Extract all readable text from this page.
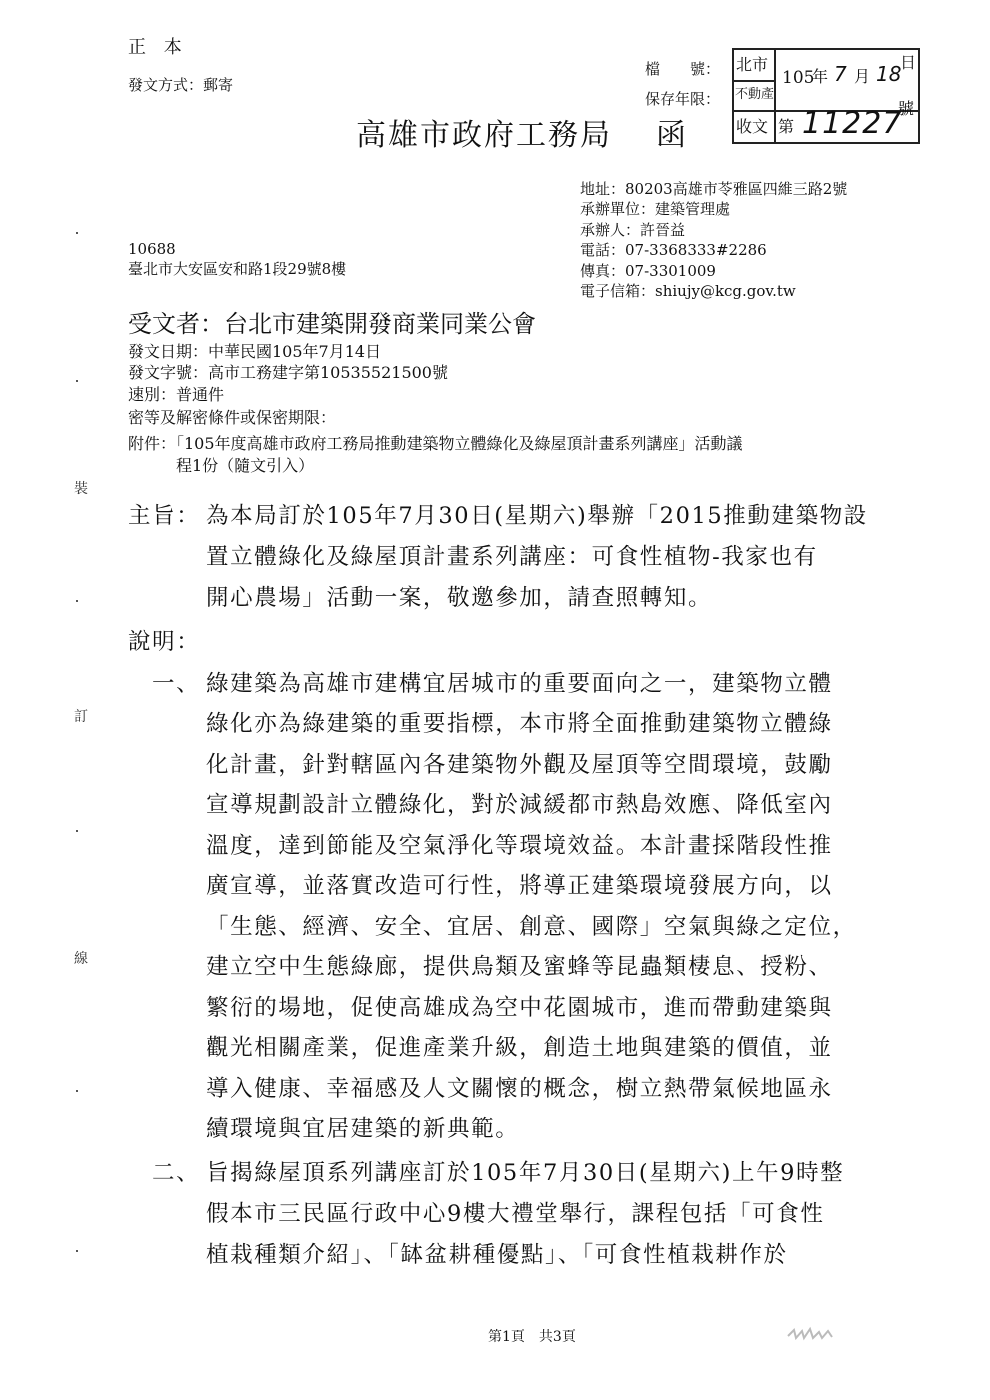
正 本
發文方式：郵寄
檔　　號：
保存年限：
高雄市政府工務局 函
北市
不動產
收文
105
年 7 月 18
日
第 11227
號
地址：80203高雄市苓雅區四維三路2號
承辦單位：建築管理處
承辦人：許晉益
電話：07-3368333#2286
傳真：07-3301009
電子信箱：shiujy@kcg.gov.tw
10688
臺北市大安區安和路1段29號8樓
受文者：台北市建築開發商業同業公會
發文日期：中華民國105年7月14日
發文字號：高市工務建字第10535521500號
速別：普通件
密等及解密條件或保密期限：
附件：「105年度高雄市政府工務局推動建築物立體綠化及綠屋頂計畫系列講座」活動議
程1份（隨文引入）
主旨： 為本局訂於105年7月30日(星期六)舉辦「2015推動建築物設
置立體綠化及綠屋頂計畫系列講座：可食性植物-我家也有
開心農場」活動一案，敬邀參加，請查照轉知。
說明：
一、 綠建築為高雄市建構宜居城市的重要面向之一，建築物立體
綠化亦為綠建築的重要指標，本市將全面推動建築物立體綠
化計畫，針對轄區內各建築物外觀及屋頂等空間環境，鼓勵
宣導規劃設計立體綠化，對於減緩都市熱島效應、降低室內
溫度，達到節能及空氣淨化等環境效益。本計畫採階段性推
廣宣導，並落實改造可行性，將導正建築環境發展方向，以
「生態、經濟、安全、宜居、創意、國際」空氣與綠之定位，
建立空中生態綠廊，提供鳥類及蜜蜂等昆蟲類棲息、授粉、
繁衍的場地，促使高雄成為空中花園城市，進而帶動建築與
觀光相關產業，促進產業升級，創造土地與建築的價值，並
導入健康、幸福感及人文關懷的概念，樹立熱帶氣候地區永
續環境與宜居建築的新典範。
二、 旨揭綠屋頂系列講座訂於105年7月30日(星期六)上午9時整
假本市三民區行政中心9樓大禮堂舉行，課程包括「可食性
植栽種類介紹」、「缽盆耕種優點」、「可食性植栽耕作於
裝
訂
線
第1頁　共3頁
